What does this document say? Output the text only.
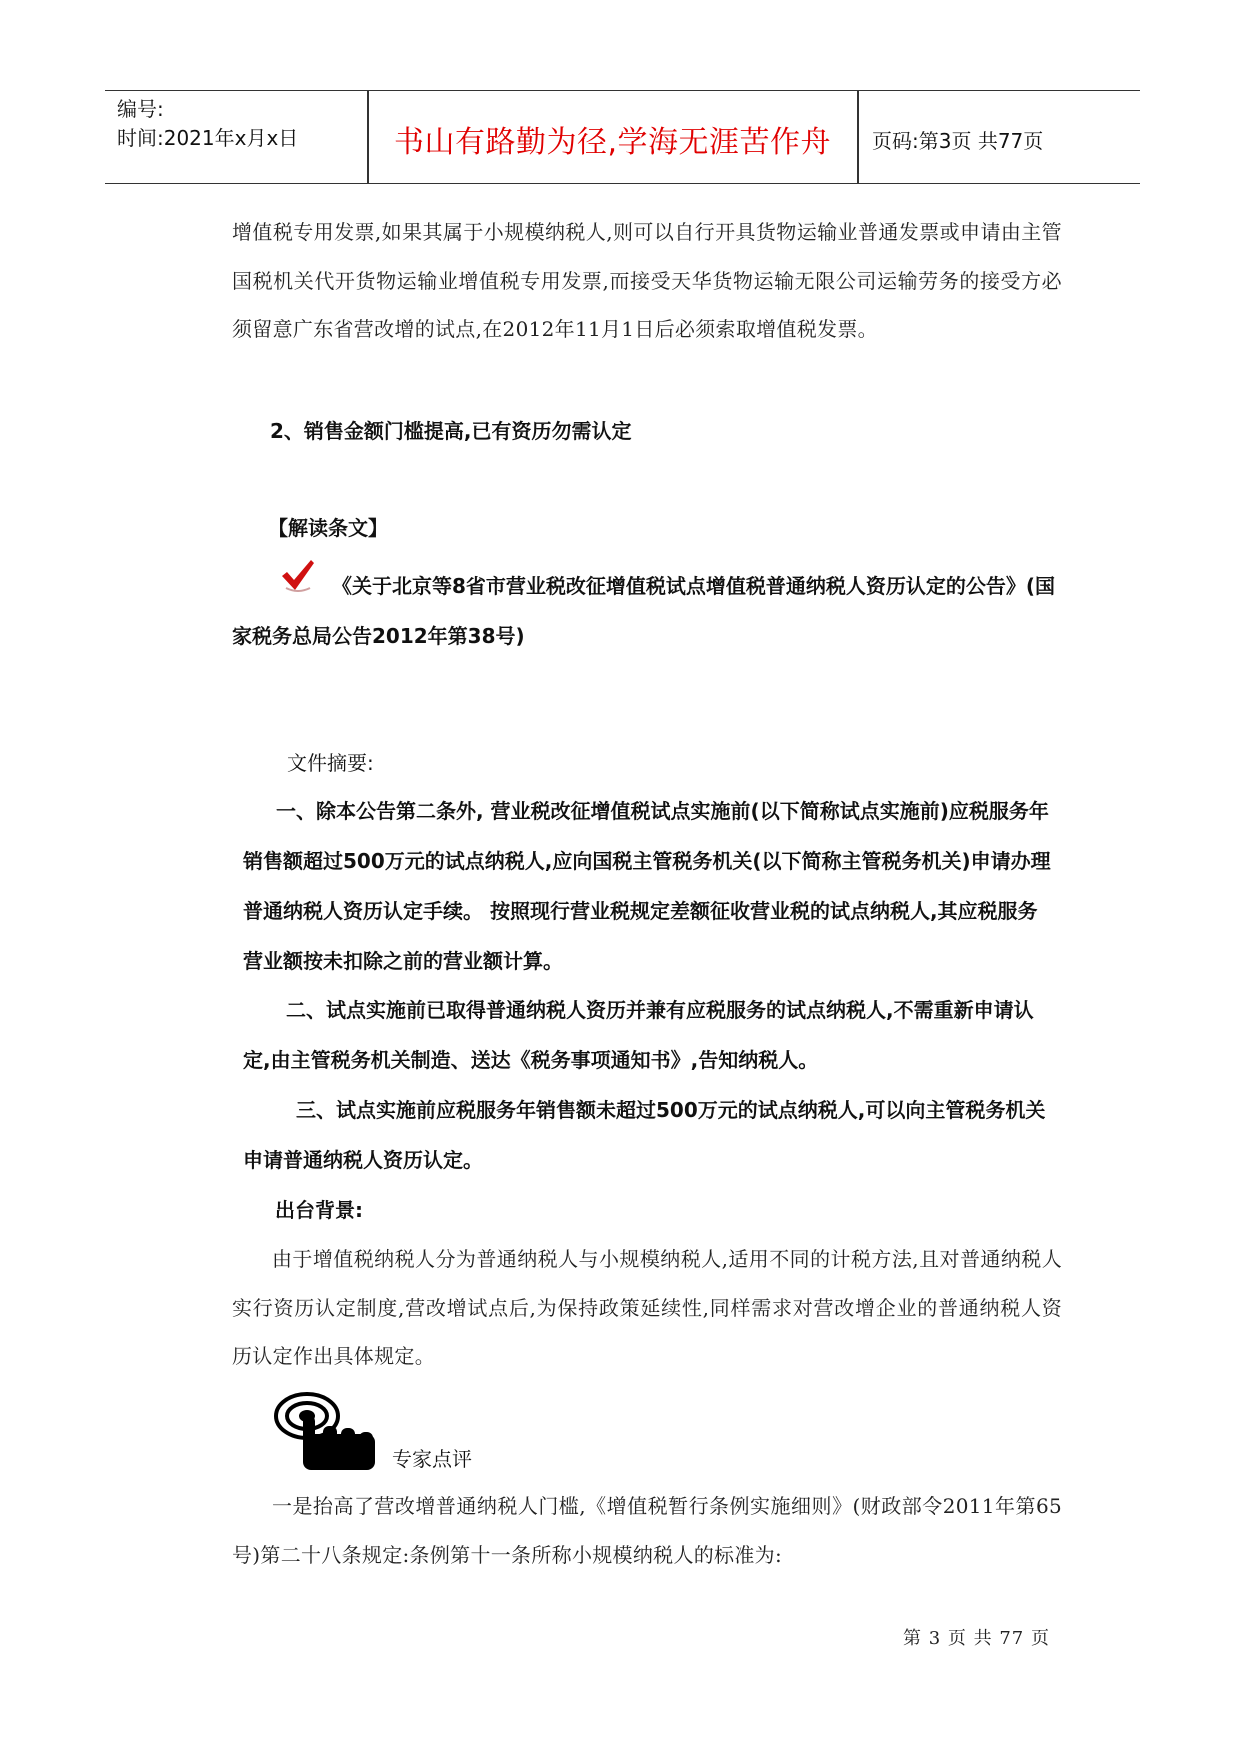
编号:
时间:2021年x月x日	书山有路勤为径,学海无涯苦作舟	页码:第3页 共77页

增值税专用发票,如果其属于小规模纳税人,则可以自行开具货物运输业普通发票或申请由主管国税机关代开货物运输业增值税专用发票,而接受天华货物运输无限公司运输劳务的接受方必须留意广东省营改增的试点,在2012年11月1日后必须索取增值税发票。

2、销售金额门槛提高,已有资历勿需认定

【解读条文】

《关于北京等8省市营业税改征增值税试点增值税普通纳税人资历认定的公告》(国家税务总局公告2012年第38号)

文件摘要:

一、除本公告第二条外, 营业税改征增值税试点实施前(以下简称试点实施前)应税服务年销售额超过500万元的试点纳税人,应向国税主管税务机关(以下简称主管税务机关)申请办理普通纳税人资历认定手续。 按照现行营业税规定差额征收营业税的试点纳税人,其应税服务营业额按未扣除之前的营业额计算。

二、试点实施前已取得普通纳税人资历并兼有应税服务的试点纳税人,不需重新申请认定,由主管税务机关制造、送达《税务事项通知书》,告知纳税人。

三、试点实施前应税服务年销售额未超过500万元的试点纳税人,可以向主管税务机关申请普通纳税人资历认定。

出台背景:

由于增值税纳税人分为普通纳税人与小规模纳税人,适用不同的计税方法,且对普通纳税人实行资历认定制度,营改增试点后,为保持政策延续性,同样需求对营改增企业的普通纳税人资历认定作出具体规定。

专家点评

一是抬高了营改增普通纳税人门槛,《增值税暂行条例实施细则》(财政部令2011年第65号)第二十八条规定:条例第十一条所称小规模纳税人的标准为:

第 3 页 共 77 页
